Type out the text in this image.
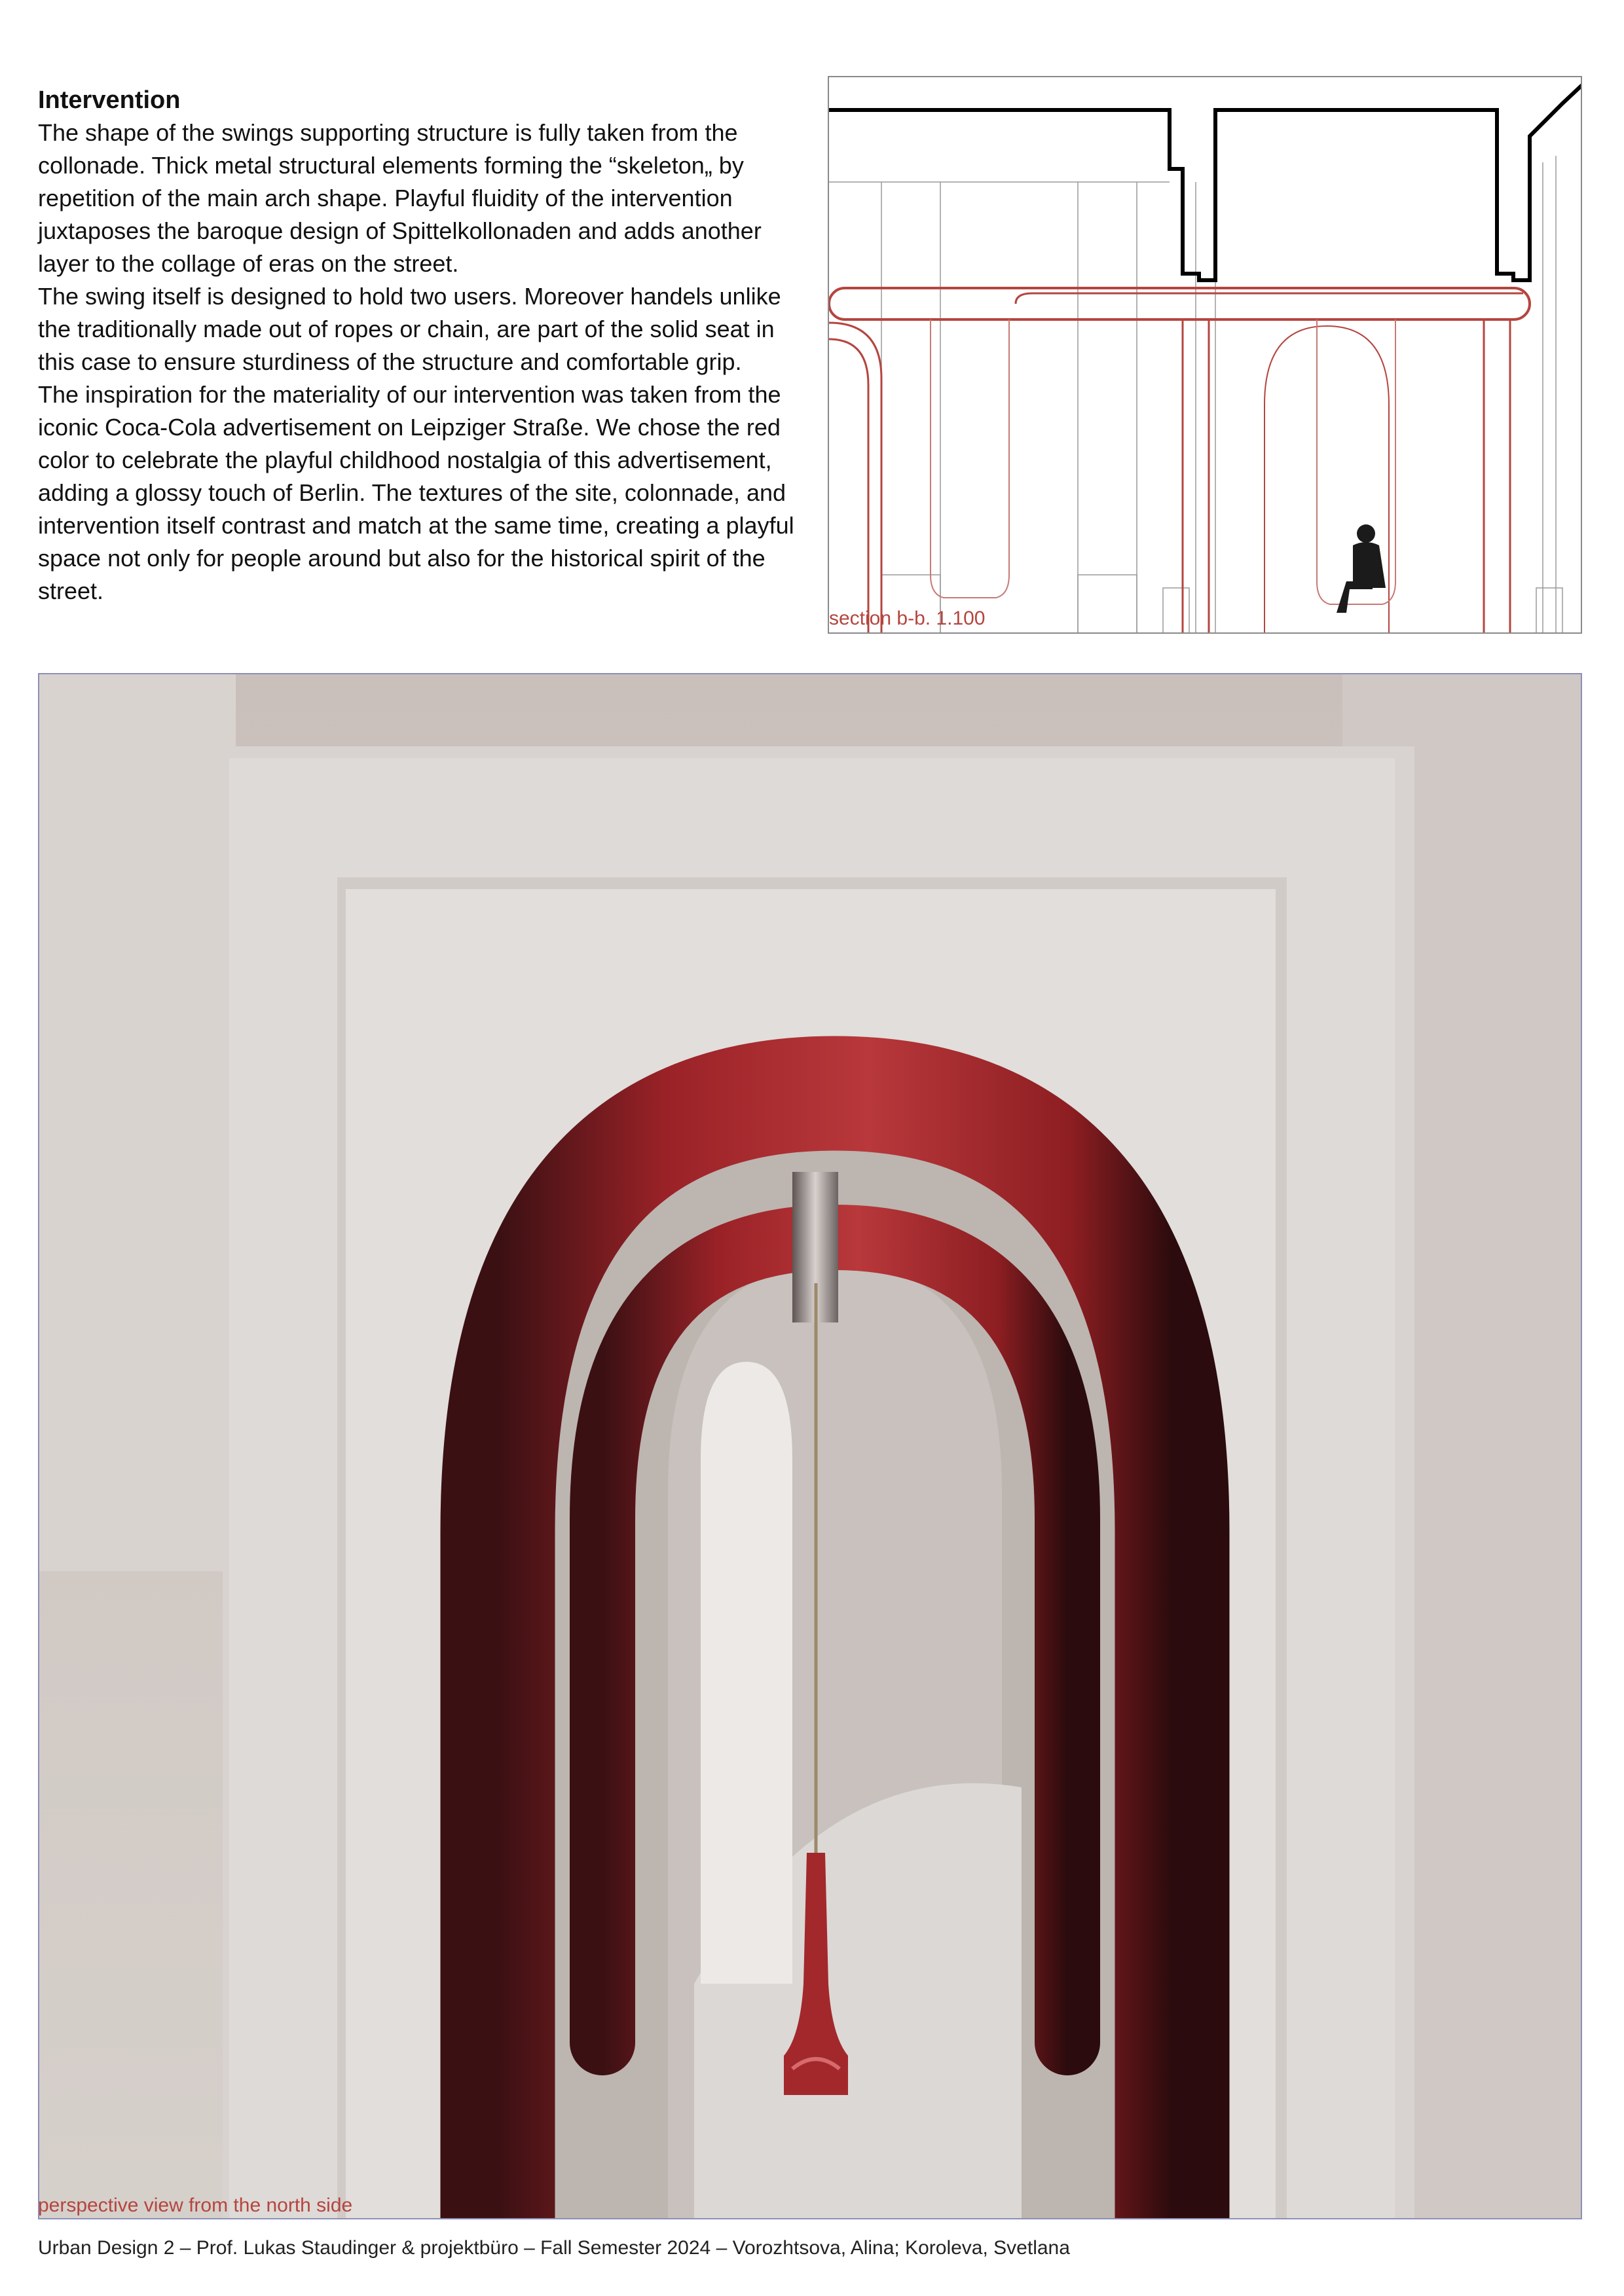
Intervention

The shape of the swings supporting structure is fully taken from the collonade. Thick metal structural elements forming the “skeleton„ by repetition of the main arch shape. Playful fluidity of the intervention juxtaposes the baroque design of Spittelkollonaden and adds another layer to the collage of eras on the street.

The swing itself is designed to hold two users. Moreover handels unlike the traditionally made out of ropes or chain, are part of the solid seat in this case to ensure sturdiness of the structure and comfortable grip.

The inspiration for the materiality of our intervention was taken from the iconic Coca-Cola advertisement on Leipziger Straße. We chose the red color to celebrate the playful childhood nostalgia of this advertisement, adding a glossy touch of Berlin. The textures of the site, colonnade, and intervention itself contrast and match at the same time, creating a playful space not only for people around but also for the historical spirit of the street.

section b-b. 1.100
perspective view from the north side
Urban Design 2 – Prof. Lukas Staudinger & projektbüro – Fall Semester 2024 – Vorozhtsova, Alina; Koroleva, Svetlana
